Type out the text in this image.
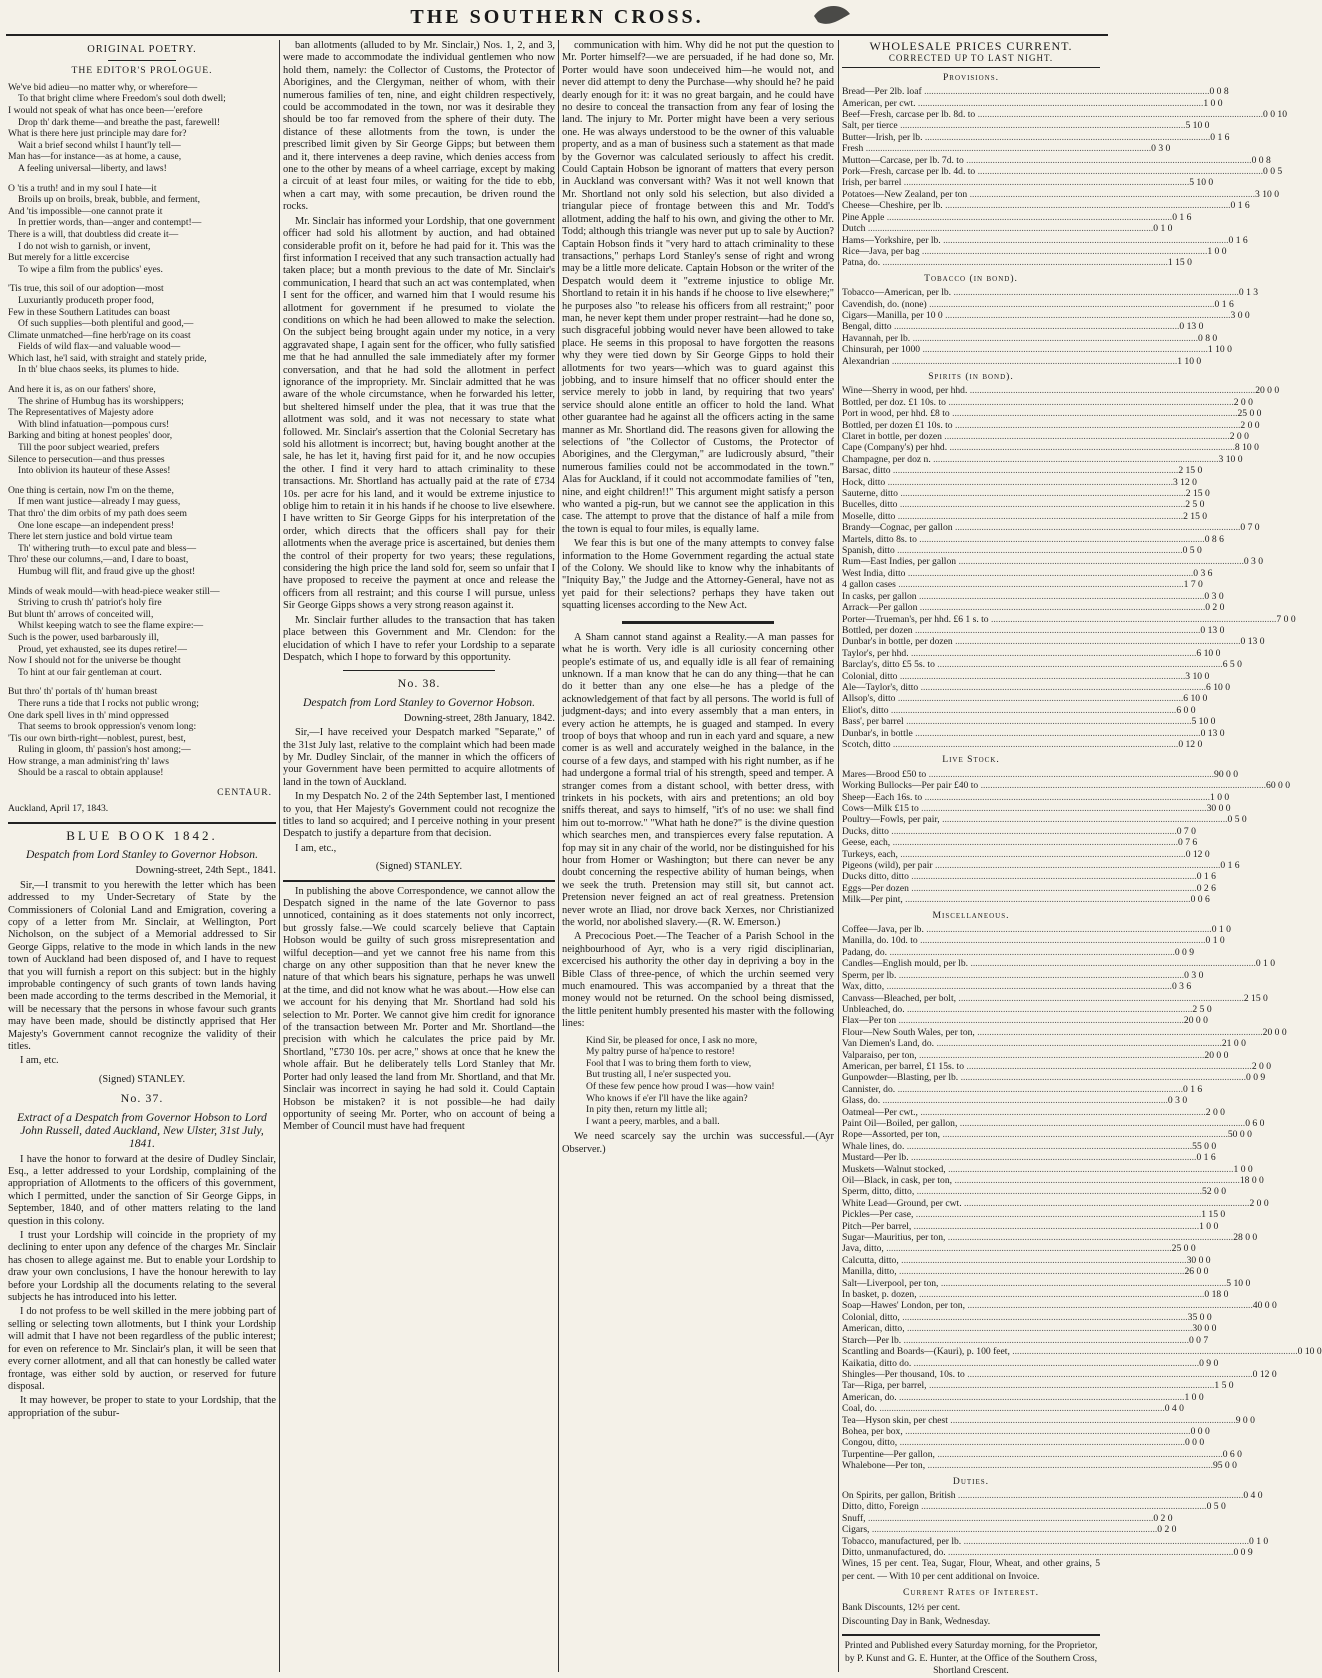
THE SOUTHERN CROSS.
ORIGINAL POETRY.
THE EDITOR'S PROLOGUE.

We've bid adieu—no matter why, or wherefore—

To that bright clime where Freedom's soul doth dwell;

I would not speak of what has once been—'erefore

Drop th' dark theme—and breathe the past, farewell!

What is there here just principle may dare for?

Wait a brief second whilst I haunt'ly tell—

Man has—for instance—as at home, a cause,

A feeling universal—liberty, and laws!

O 'tis a truth! and in my soul I hate—it

Broils up on broils, break, bubble, and ferment,

And 'tis impossible—one cannot prate it

In prettier words, than—anger and contempt!—

There is a will, that doubtless did create it—

I do not wish to garnish, or invent,

But merely for a little excercise

To wipe a film from the publics' eyes.

'Tis true, this soil of our adoption—most

Luxuriantly produceth proper food,

Few in these Southern Latitudes can boast

Of such supplies—both plentiful and good,—

Climate unmatched—fine herb'rage on its coast

Fields of wild flax—and valuable wood—

Which last, he'l said, with straight and stately pride,

In th' blue chaos seeks, its plumes to hide.

And here it is, as on our fathers' shore,

The shrine of Humbug has its worshippers;

The Representatives of Majesty adore

With blind infatuation—pompous curs!

Barking and biting at honest peoples' door,

Till the poor subject wearied, prefers

Silence to persecution—and thus presses

Into oblivion its hauteur of these Asses!

One thing is certain, now I'm on the theme,

If men want justice—already I may guess,

That thro' the dim orbits of my path does seem

One lone escape—an independent press!

There let stern justice and bold virtue team

Th' withering truth—to excul pate and bless—

Thro' these our columns,—and, I dare to boast,

Humbug will flit, and fraud give up the ghost!

Minds of weak mould—with head-piece weaker still—

Striving to crush th' patriot's holy fire

But blunt th' arrows of conceited will,

Whilst keeping watch to see the flame expire:—

Such is the power, used barbarously ill,

Proud, yet exhausted, see its dupes retire!—

Now I should not for the universe be thought

To hint at our fair gentleman at court.

But thro' th' portals of th' human breast

There runs a tide that I rocks not public wrong;

One dark spell lives in th' mind oppressed

That seems to brook oppression's venom long:

'Tis our own birth-right—noblest, purest, best,

Ruling in gloom, th' passion's host among;—

How strange, a man administ'ring th' laws

Should be a rascal to obtain applause!

CENTAUR.
Auckland, April 17, 1843.
BLUE BOOK 1842.
Despatch from Lord Stanley to Governor Hobson.

Downing-street, 24th Sept., 1841.

Sir,—I transmit to you herewith the letter which has been addressed to my Under-Secretary of State by the Commissioners of Colonial Land and Emigration, covering a copy of a letter from Mr. Sinclair, at Wellington, Port Nicholson, on the subject of a Memorial addressed to Sir George Gipps, relative to the mode in which lands in the new town of Auckland had been disposed of, and I have to request that you will furnish a report on this subject: but in the highly improbable contingency of such grants of town lands having been made according to the terms described in the Memorial, it will be necessary that the persons in whose favour such grants may have been made, should be distinctly apprised that Her Majesty's Government cannot recognize the validity of their titles.

I am, etc.

(Signed) STANLEY.

No. 37.
Extract of a Despatch from Governor Hobson to Lord John Russell, dated Auckland, New Ulster, 31st July, 1841.

I have the honor to forward at the desire of Dudley Sinclair, Esq., a letter addressed to your Lordship, complaining of the appropriation of Allotments to the officers of this government, which I permitted, under the sanction of Sir George Gipps, in September, 1840, and of other matters relating to the land question in this colony.

I trust your Lordship will coincide in the propriety of my declining to enter upon any defence of the charges Mr. Sinclair has chosen to allege against me. But to enable your Lordship to draw your own conclusions, I have the honour herewith to lay before your Lordship all the documents relating to the several subjects he has introduced into his letter.

I do not profess to be well skilled in the mere jobbing part of selling or selecting town allotments, but I think your Lordship will admit that I have not been regardless of the public interest; for even on reference to Mr. Sinclair's plan, it will be seen that every corner allotment, and all that can honestly be called water frontage, was either sold by auction, or reserved for future disposal.

It may however, be proper to state to your Lordship, that the appropriation of the subur-

ban allotments (alluded to by Mr. Sinclair,) Nos. 1, 2, and 3, were made to accommodate the individual gentlemen who now hold them, namely: the Collector of Customs, the Protector of Aborigines, and the Clergyman, neither of whom, with their numerous families of ten, nine, and eight children respectively, could be accommodated in the town, nor was it desirable they should be too far removed from the sphere of their duty. The distance of these allotments from the town, is under the prescribed limit given by Sir George Gipps; but between them and it, there intervenes a deep ravine, which denies access from one to the other by means of a wheel carriage, except by making a circuit of at least four miles, or waiting for the tide to ebb, when a cart may, with some precaution, be driven round the rocks.

Mr. Sinclair has informed your Lordship, that one government officer had sold his allotment by auction, and had obtained considerable profit on it, before he had paid for it. This was the first information I received that any such transaction actually had taken place; but a month previous to the date of Mr. Sinclair's communication, I heard that such an act was contemplated, when I sent for the officer, and warned him that I would resume his allotment for government if he presumed to violate the conditions on which he had been allowed to make the selection. On the subject being brought again under my notice, in a very aggravated shape, I again sent for the officer, who fully satisfied me that he had annulled the sale immediately after my former conversation, and that he had sold the allotment in perfect ignorance of the impropriety. Mr. Sinclair admitted that he was aware of the whole circumstance, when he forwarded his letter, but sheltered himself under the plea, that it was true that the allotment was sold, and it was not necessary to state what followed. Mr. Sinclair's assertion that the Colonial Secretary has sold his allotment is incorrect; but, having bought another at the sale, he has let it, having first paid for it, and he now occupies the other. I find it very hard to attach criminality to these transactions. Mr. Shortland has actually paid at the rate of £734 10s. per acre for his land, and it would be extreme injustice to oblige him to retain it in his hands if he choose to live elsewhere. I have written to Sir George Gipps for his interpretation of the order, which directs that the officers shall pay for their allotments when the average price is ascertained, but denies them the control of their property for two years; these regulations, considering the high price the land sold for, seem so unfair that I have proposed to receive the payment at once and release the officers from all restraint; and this course I will pursue, unless Sir George Gipps shows a very strong reason against it.

Mr. Sinclair further alludes to the transaction that has taken place between this Government and Mr. Clendon: for the elucidation of which I have to refer your Lordship to a separate Despatch, which I hope to forward by this opportunity.

No. 38.
Despatch from Lord Stanley to Governor Hobson.

Downing-street, 28th January, 1842.

Sir,—I have received your Despatch marked "Separate," of the 31st July last, relative to the complaint which had been made by Mr. Dudley Sinclair, of the manner in which the officers of your Government have been permitted to acquire allotments of land in the town of Auckland.

In my Despatch No. 2 of the 24th September last, I mentioned to you, that Her Majesty's Government could not recognize the titles to land so acquired; and I perceive nothing in your present Despatch to justify a departure from that decision.

I am, etc.,

(Signed) STANLEY.

In publishing the above Correspondence, we cannot allow the Despatch signed in the name of the late Governor to pass unnoticed, containing as it does statements not only incorrect, but grossly false.—We could scarcely believe that Captain Hobson would be guilty of such gross misrepresentation and wilful deception—and yet we cannot free his name from this charge on any other supposition than that he never knew the nature of that which bears his signature, perhaps he was unwell at the time, and did not know what he was about.—How else can we account for his denying that Mr. Shortland had sold his selection to Mr. Porter. We cannot give him credit for ignorance of the transaction between Mr. Porter and Mr. Shortland—the precision with which he calculates the price paid by Mr. Shortland, "£730 10s. per acre," shows at once that he knew the whole affair. But he deliberately tells Lord Stanley that Mr. Porter had only leased the land from Mr. Shortland, and that Mr. Sinclair was incorrect in saying he had sold it. Could Captain Hobson be mistaken? it is not possible—he had daily opportunity of seeing Mr. Porter, who on account of being a Member of Council must have had frequent

communication with him. Why did he not put the question to Mr. Porter himself?—we are persuaded, if he had done so, Mr. Porter would have soon undeceived him—he would not, and never did attempt to deny the Purchase—why should he? he paid dearly enough for it: it was no great bargain, and he could have no desire to conceal the transaction from any fear of losing the land. The injury to Mr. Porter might have been a very serious one. He was always understood to be the owner of this valuable property, and as a man of business such a statement as that made by the Governor was calculated seriously to affect his credit. Could Captain Hobson be ignorant of matters that every person in Auckland was conversant with? Was it not well known that Mr. Shortland not only sold his selection, but also divided a triangular piece of frontage between this and Mr. Todd's allotment, adding the half to his own, and giving the other to Mr. Todd; although this triangle was never put up to sale by Auction? Captain Hobson finds it "very hard to attach criminality to these transactions," perhaps Lord Stanley's sense of right and wrong may be a little more delicate. Captain Hobson or the writer of the Despatch would deem it "extreme injustice to oblige Mr. Shortland to retain it in his hands if he choose to live elsewhere;" he purposes also "to release his officers from all restraint;" poor man, he never kept them under proper restraint—had he done so, such disgraceful jobbing would never have been allowed to take place. He seems in this proposal to have forgotten the reasons why they were tied down by Sir George Gipps to hold their allotments for two years—which was to guard against this jobbing, and to insure himself that no officer should enter the service merely to jobb in land, by requiring that two years' service should alone entitle an officer to hold the land. What other guarantee had he against all the officers acting in the same manner as Mr. Shortland did. The reasons given for allowing the selections of "the Collector of Customs, the Protector of Aborigines, and the Clergyman," are ludicrously absurd, "their numerous families could not be accommodated in the town." Alas for Auckland, if it could not accommodate families of "ten, nine, and eight children!!" This argument might satisfy a person who wanted a pig-run, but we cannot see the application in this case. The attempt to prove that the distance of half a mile from the town is equal to four miles, is equally lame.

We fear this is but one of the many attempts to convey false information to the Home Government regarding the actual state of the Colony. We should like to know why the inhabitants of "Iniquity Bay," the Judge and the Attorney-General, have not as yet paid for their selections? perhaps they have taken out squatting licenses according to the New Act.

A Sham cannot stand against a Reality.—A man passes for what he is worth. Very idle is all curiosity concerning other people's estimate of us, and equally idle is all fear of remaining unknown. If a man know that he can do any thing—that he can do it better than any one else—he has a pledge of the acknowledgement of that fact by all persons. The world is full of judgment-days; and into every assembly that a man enters, in every action he attempts, he is guaged and stamped. In every troop of boys that whoop and run in each yard and square, a new comer is as well and accurately weighed in the balance, in the course of a few days, and stamped with his right number, as if he had undergone a formal trial of his strength, speed and temper. A stranger comes from a distant school, with better dress, with trinkets in his pockets, with airs and pretentions; an old boy sniffs thereat, and says to himself, "it's of no use: we shall find him out to-morrow." "What hath he done?" is the divine question which searches men, and transpierces every false reputation. A fop may sit in any chair of the world, nor be distinguished for his hour from Homer or Washington; but there can never be any doubt concerning the respective ability of human beings, when we seek the truth. Pretension may still sit, but cannot act. Pretension never feigned an act of real greatness. Pretension never wrote an Iliad, nor drove back Xerxes, nor Christianized the world, nor abolished slavery.—(R. W. Emerson.)

A Precocious Poet.—The Teacher of a Parish School in the neighbourhood of Ayr, who is a very rigid disciplinarian, excercised his authority the other day in depriving a boy in the Bible Class of three-pence, of which the urchin seemed very much enamoured. This was accompanied by a threat that the money would not be returned. On the school being dismissed, the little penitent humbly presented his master with the following lines:

Kind Sir, be pleased for once, I ask no more,

My paltry purse of ha'pence to restore!

Fool that I was to bring them forth to view,

But trusting all, I ne'er suspected you.

Of these few pence how proud I was—how vain!

Who knows if e'er I'll have the like again?

In pity then, return my little all;

I want a peery, marbles, and a ball.

We need scarcely say the urchin was successful.—(Ayr Observer.)

WHOLESALE PRICES CURRENT.
CORRECTED UP TO LAST NIGHT.
Provisions.
Bread—Per 2lb. loaf .....	0 0 8
American, per cwt. .....	1 0 0
Beef—Fresh, carcase per lb. 8d. to .....	0 0 10
Salt, per tierce .....	5 10 0
Butter—Irish, per lb. .....	0 1 6
Fresh .....	0 3 0
Mutton—Carcase, per lb. 7d. to .....	0 0 8
Pork—Fresh, carcase per lb. 4d. to .....	0 0 5
Irish, per barrel .....	5 10 0
Potatoes—New Zealand, per ton .....	3 10 0
Cheese—Cheshire, per lb. .....	0 1 6
Pine Apple .....	0 1 6
Dutch .....	0 1 0
Hams—Yorkshire, per lb. .....	0 1 6
Rice—Java, per bag .....	1 0 0
Patna, do. .....	1 15 0
Tobacco (in bond).
Tobacco—American, per lb. .....	0 1 3
Cavendish, do. (none) .....	0 1 6
Cigars—Manilla, per 10 0 .....	3 0 0
Bengal, ditto .....	0 13 0
Havannah, per lb. .....	0 8 0
Chinsurah, per 1000 .....	1 10 0
Alexandrian .....	1 10 0
Spirits (in bond).
Wine—Sherry in wood, per hhd. .....	20 0 0
Bottled, per doz. £1 10s. to .....	2 0 0
Port in wood, per hhd. £8 to .....	25 0 0
Bottled, per dozen £1 10s. to .....	2 0 0
Claret in bottle, per dozen .....	2 0 0
Cape (Company's) per hhd. .....	8 10 0
Champagne, per doz n. .....	3 10 0
Barsac, ditto .....	2 15 0
Hock, ditto .....	3 12 0
Sauterne, ditto .....	2 15 0
Bucelles, ditto .....	2 5 0
Moselle, ditto .....	2 15 0
Brandy—Cognac, per gallon .....	0 7 0
Martels, ditto 8s. to .....	0 8 6
Spanish, ditto .....	0 5 0
Rum—East Indies, per gallon .....	0 3 0
West India, ditto .....	0 3 6
4 gallon cases .....	1 7 0
In casks, per gallon .....	0 3 0
Arrack—Per gallon .....	0 2 0
Porter—Trueman's, per hhd. £6 1 s. to .....	7 0 0
Bottled, per dozen .....	0 13 0
Dunbar's in bottle, per dozen .....	0 13 0
Taylor's, per hhd. .....	6 10 0
Barclay's, ditto £5 5s. to .....	6 5 0
Colonial, ditto .....	3 10 0
Ale—Taylor's, ditto .....	6 10 0
Allsop's, ditto .....	6 10 0
Eliot's, ditto .....	6 0 0
Bass', per barrel .....	5 10 0
Dunbar's, in bottle .....	0 13 0
Scotch, ditto .....	0 12 0
Live Stock.
Mares—Brood £50 to .....	90 0 0
Working Bullocks—Per pair £40 to .....	60 0 0
Sheep—Each 16s. to .....	1 0 0
Cows—Milk £15 to .....	30 0 0
Poultry—Fowls, per pair, .....	0 5 0
Ducks, ditto .....	0 7 0
Geese, each, .....	0 7 6
Turkeys, each, .....	0 12 0
Pigeons (wild), per pair .....	0 1 6
Ducks ditto, ditto .....	0 1 6
Eggs—Per dozen .....	0 2 6
Milk—Per pint, .....	0 0 6
Miscellaneous.
Coffee—Java, per lb. .....	0 1 0
Manilla, do. 10d. to .....	0 1 0
Padang, do. .....	0 0 9
Candles—English mould, per lb. .....	0 1 0
Sperm, per lb. .....	0 3 0
Wax, ditto, .....	0 3 6
Canvass—Bleached, per bolt, .....	2 15 0
Unbleached, do. .....	2 5 0
Flax—Per ton .....	20 0 0
Flour—New South Wales, per ton, .....	20 0 0
Van Diemen's Land, do. .....	21 0 0
Valparaiso, per ton, .....	20 0 0
American, per barrel, £1 15s. to .....	2 0 0
Gunpowder—Blasting, per lb. .....	0 0 9
Cannister, do. .....	0 1 6
Glass, do. .....	0 3 0
Oatmeal—Per cwt., .....	2 0 0
Paint Oil—Boiled, per gallon, .....	0 6 0
Rope—Assorted, per ton, .....	50 0 0
Whale lines, do. .....	55 0 0
Mustard—Per lb. .....	0 1 6
Muskets—Walnut stocked, .....	1 0 0
Oil—Black, in cask, per ton, .....	18 0 0
Sperm, ditto, ditto, .....	52 0 0
White Lead—Ground, per cwt. .....	2 0 0
Pickles—Per case, .....	1 15 0
Pitch—Per barrel, .....	1 0 0
Sugar—Mauritius, per ton, .....	28 0 0
Java, ditto, .....	25 0 0
Calcutta, ditto, .....	30 0 0
Manilla, ditto, .....	26 0 0
Salt—Liverpool, per ton, .....	5 10 0
In basket, p. dozen, .....	0 18 0
Soap—Hawes' London, per ton, .....	40 0 0
Colonial, ditto, .....	35 0 0
American, ditto, .....	30 0 0
Starch—Per lb. .....	0 0 7
Scantling and Boards—(Kauri), p. 100 feet, .....	0 10 0
Kaikatia, ditto do. .....	0 9 0
Shingles—Per thousand, 10s. to .....	0 12 0
Tar—Riga, per barrel, .....	1 5 0
American, do. .....	1 0 0
Coal, do. .....	0 4 0
Tea—Hyson skin, per chest .....	9 0 0
Bohea, per box, .....	0 0 0
Congou, ditto, .....	0 0 0
Turpentine—Per gallon, .....	0 6 0
Whalebone—Per ton, .....	95 0 0
Duties.
On Spirits, per gallon, British .....	0 4 0
Ditto, ditto, Foreign .....	0 5 0
Snuff, .....	0 2 0
Cigars, .....	0 2 0
Tobacco, manufactured, per lb. .....	0 1 0
Ditto, unmanufactured, do. .....	0 0 9

Wines, 15 per cent. Tea, Sugar, Flour, Wheat, and other grains, 5 per cent. — With 10 per cent additional on Invoice.

Current Rates of Interest.

Bank Discounts, 12½ per cent.

Discounting Day in Bank, Wednesday.

Printed and Published every Saturday morning, for the Proprietor, by P. Kunst and G. E. Hunter, at the Office of the Southern Cross, Shortland Crescent.
